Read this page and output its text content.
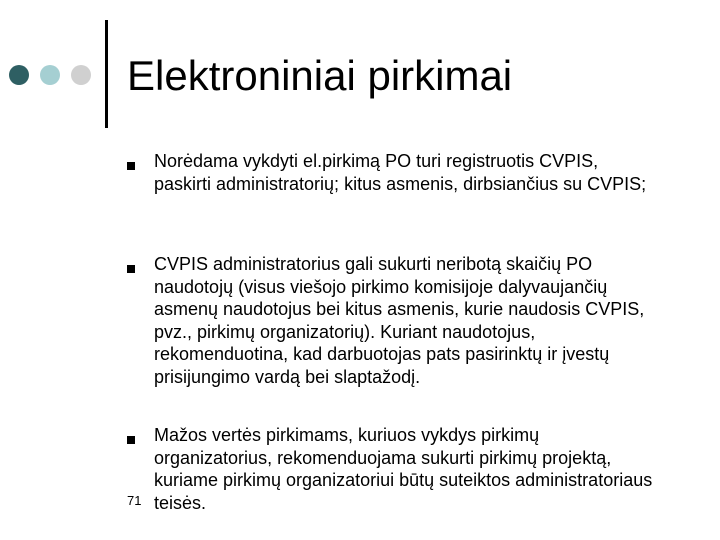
Elektroniniai pirkimai
Norėdama vykdyti el.pirkimą PO turi registruotis CVPIS, paskirti administratorių; kitus asmenis, dirbsiančius su CVPIS;
CVPIS administratorius gali sukurti neribotą skaičių PO naudotojų (visus viešojo pirkimo komisijoje dalyvaujančių asmenų naudotojus bei kitus asmenis, kurie naudosis CVPIS, pvz., pirkimų organizatorių). Kuriant naudotojus, rekomenduotina, kad darbuotojas pats pasirinktų ir įvestų prisijungimo vardą bei slaptažodį.
Mažos vertės pirkimams, kuriuos vykdys pirkimų organizatorius, rekomenduojama sukurti pirkimų projektą, kuriame pirkimų organizatoriui būtų suteiktos administratoriaus teisės.
71
